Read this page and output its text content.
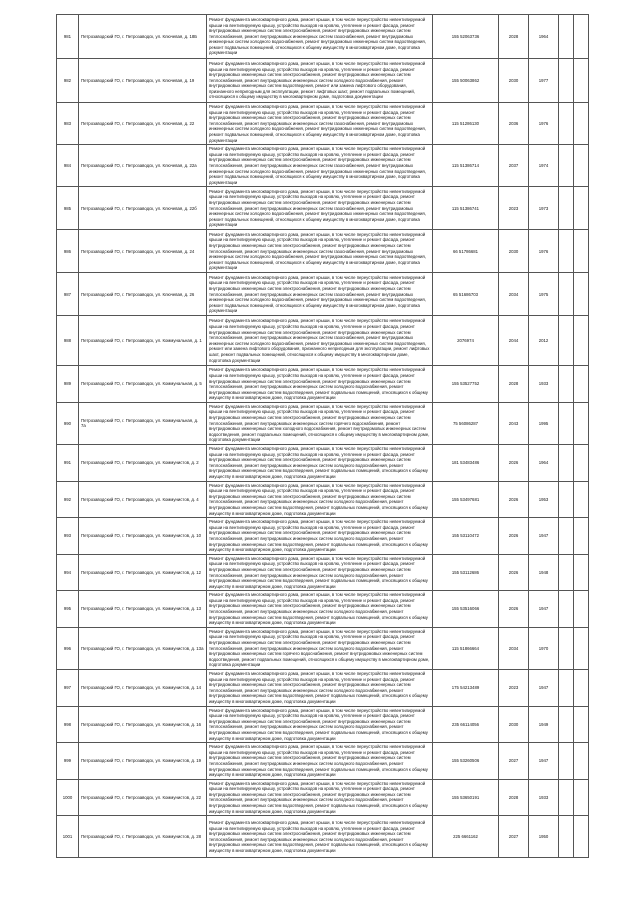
981	Петрозаводский ГО, г. Петрозаводск, ул. Ключевая, д. 18Б	Ремонт фундамента многоквартирного дома, ремонт крыши, в том числе переустройство невентилируемой крыши на вентилируемую крышу, устройство выходов на кровлю, утепление и ремонт фасада, ремонт внутридомовых инженерных систем электроснабжения, ремонт внутридомовых инженерных систем теплоснабжения, ремонт внутридомовых инженерных систем газоснабжения, ремонт внутридомовых инженерных систем холодного водоснабжения, ремонт внутридомовых инженерных систем водоотведения, ремонт подвальных помещений, относящихся к общему имуществу в многоквартирном доме, подготовка документации	155 52063736	2028	1964		
982	Петрозаводский ГО, г. Петрозаводск, ул. Ключевая, д. 19	Ремонт фундамента многоквартирного дома, ремонт крыши, в том числе переустройство невентилируемой крыши на вентилируемую крышу, устройство выходов на кровлю, утепление и ремонт фасада, ремонт внутридомовых инженерных систем электроснабжения, ремонт внутридомовых инженерных систем теплоснабжения, ремонт внутридомовых инженерных систем холодного водоснабжения, ремонт внутридомовых инженерных систем водоотведения, ремонт или замена лифтового оборудования, признанного непригодным для эксплуатации, ремонт лифтовых шахт, ремонт подвальных помещений, относящихся к общему имуществу в многоквартирном доме, подготовка документации	155 50063862	2030	1977		
983	Петрозаводский ГО, г. Петрозаводск, ул. Ключевая, д. 22	Ремонт фундамента многоквартирного дома, ремонт крыши, в том числе переустройство невентилируемой крыши на вентилируемую крышу, устройство выходов на кровлю, утепление и ремонт фасада, ремонт внутридомовых инженерных систем электроснабжения, ремонт внутридомовых инженерных систем теплоснабжения, ремонт внутридомовых инженерных систем газоснабжения, ремонт внутридомовых инженерных систем холодного водоснабжения, ремонт внутридомовых инженерных систем водоотведения, ремонт подвальных помещений, относящихся к общему имуществу в многоквартирном доме, подготовка документации	115 51286130	2036	1976		
984	Петрозаводский ГО, г. Петрозаводск, ул. Ключевая, д. 22а	Ремонт фундамента многоквартирного дома, ремонт крыши, в том числе переустройство невентилируемой крыши на вентилируемую крышу, устройство выходов на кровлю, утепление и ремонт фасада, ремонт внутридомовых инженерных систем электроснабжения, ремонт внутридомовых инженерных систем теплоснабжения, ремонт внутридомовых инженерных систем газоснабжения, ремонт внутридомовых инженерных систем холодного водоснабжения, ремонт внутридомовых инженерных систем водоотведения, ремонт подвальных помещений, относящихся к общему имуществу в многоквартирном доме, подготовка документации	115 51386714	2037	1974		
985	Петрозаводский ГО, г. Петрозаводск, ул. Ключевая, д. 22б	Ремонт фундамента многоквартирного дома, ремонт крыши, в том числе переустройство невентилируемой крыши на вентилируемую крышу, устройство выходов на кровлю, утепление и ремонт фасада, ремонт внутридомовых инженерных систем электроснабжения, ремонт внутридомовых инженерных систем теплоснабжения, ремонт внутридомовых инженерных систем газоснабжения, ремонт внутридомовых инженерных систем холодного водоснабжения, ремонт внутридомовых инженерных систем водоотведения, ремонт подвальных помещений, относящихся к общему имуществу в многоквартирном доме, подготовка документации	115 51386741	2023	1973		
986	Петрозаводский ГО, г. Петрозаводск, ул. Ключевая, д. 24	Ремонт фундамента многоквартирного дома, ремонт крыши, в том числе переустройство невентилируемой крыши на вентилируемую крышу, устройство выходов на кровлю, утепление и ремонт фасада, ремонт внутридомовых инженерных систем электроснабжения, ремонт внутридомовых инженерных систем теплоснабжения, ремонт внутридомовых инженерных систем газоснабжения, ремонт внутридомовых инженерных систем холодного водоснабжения, ремонт внутридомовых инженерных систем водоотведения, ремонт подвальных помещений, относящихся к общему имуществу в многоквартирном доме, подготовка документации	66 51786681	2030	1976		
987	Петрозаводский ГО, г. Петрозаводск, ул. Ключевая, д. 26	Ремонт фундамента многоквартирного дома, ремонт крыши, в том числе переустройство невентилируемой крыши на вентилируемую крышу, устройство выходов на кровлю, утепление и ремонт фасада, ремонт внутридомовых инженерных систем электроснабжения, ремонт внутридомовых инженерных систем теплоснабжения, ремонт внутридомовых инженерных систем газоснабжения, ремонт внутридомовых инженерных систем холодного водоснабжения, ремонт внутридомовых инженерных систем водоотведения, ремонт подвальных помещений, относящихся к общему имуществу в многоквартирном доме, подготовка документации	65 51686703	2034	1975		
988	Петрозаводский ГО, г. Петрозаводск, ул. Коммунальная, д. 1	Ремонт фундамента многоквартирного дома, ремонт крыши, в том числе переустройство невентилируемой крыши на вентилируемую крышу, устройство выходов на кровлю, утепление и ремонт фасада, ремонт внутридомовых инженерных систем электроснабжения, ремонт внутридомовых инженерных систем теплоснабжения, ремонт внутридомовых инженерных систем газоснабжения, ремонт внутридомовых инженерных систем холодного водоснабжения, ремонт внутридомовых инженерных систем водоотведения, ремонт или замена лифтового оборудования, признанного непригодным для эксплуатации, ремонт лифтовых шахт, ремонт подвальных помещений, относящихся к общему имуществу в многоквартирном доме, подготовка документации	2076974	2044	2012		
989	Петрозаводский ГО, г. Петрозаводск, ул. Коммунальная, д. 5	Ремонт фундамента многоквартирного дома, ремонт крыши, в том числе переустройство невентилируемой крыши на вентилируемую крышу, устройство выходов на кровлю, утепление и ремонт фасада, ремонт внутридомовых инженерных систем электроснабжения, ремонт внутридомовых инженерных систем теплоснабжения, ремонт внутридомовых инженерных систем холодного водоснабжения, ремонт внутридомовых инженерных систем водоотведения, ремонт подвальных помещений, относящихся к общему имуществу в многоквартирном доме, подготовка документации	155 53527752	2028	1933		
990	Петрозаводский ГО, г. Петрозаводск, ул. Коммунальная, д. 7а	Ремонт фундамента многоквартирного дома, ремонт крыши, в том числе переустройство невентилируемой крыши на вентилируемую крышу, устройство выходов на кровлю, утепление и ремонт фасада, ремонт внутридомовых инженерных систем электроснабжения, ремонт внутридомовых инженерных систем теплоснабжения, ремонт внутридомовых инженерных систем горячего водоснабжения, ремонт внутридомовых инженерных систем холодного водоснабжения, ремонт внутридомовых инженерных систем водоотведения, ремонт подвальных помещений, относящихся к общему имуществу в многоквартирном доме, подготовка документации	75 56086287	2043	1995		
991	Петрозаводский ГО, г. Петрозаводск, ул. Коммунистов, д. 2	Ремонт фундамента многоквартирного дома, ремонт крыши, в том числе переустройство невентилируемой крыши на вентилируемую крышу, устройство выходов на кровлю, утепление и ремонт фасада, ремонт внутридомовых инженерных систем электроснабжения, ремонт внутридомовых инженерных систем теплоснабжения, ремонт внутридомовых инженерных систем холодного водоснабжения, ремонт внутридомовых инженерных систем водоотведения, ремонт подвальных помещений, относящихся к общему имуществу в многоквартирном доме, подготовка документации	181 53483486	2026	1964		
992	Петрозаводский ГО, г. Петрозаводск, ул. Коммунистов, д. 4	Ремонт фундамента многоквартирного дома, ремонт крыши, в том числе переустройство невентилируемой крыши на вентилируемую крышу, устройство выходов на кровлю, утепление и ремонт фасада, ремонт внутридомовых инженерных систем электроснабжения, ремонт внутридомовых инженерных систем теплоснабжения, ремонт внутридомовых инженерных систем холодного водоснабжения, ремонт внутридомовых инженерных систем водоотведения, ремонт подвальных помещений, относящихся к общему имуществу в многоквартирном доме, подготовка документации	155 53497681	2026	1953		
993	Петрозаводский ГО, г. Петрозаводск, ул. Коммунистов, д. 10	Ремонт фундамента многоквартирного дома, ремонт крыши, в том числе переустройство невентилируемой крыши на вентилируемую крышу, устройство выходов на кровлю, утепление и ремонт фасада, ремонт внутридомовых инженерных систем электроснабжения, ремонт внутридомовых инженерных систем теплоснабжения, ремонт внутридомовых инженерных систем холодного водоснабжения, ремонт внутридомовых инженерных систем водоотведения, ремонт подвальных помещений, относящихся к общему имуществу в многоквартирном доме, подготовка документации	155 53110472	2026	1947		
994	Петрозаводский ГО, г. Петрозаводск, ул. Коммунистов, д. 12	Ремонт фундамента многоквартирного дома, ремонт крыши, в том числе переустройство невентилируемой крыши на вентилируемую крышу, устройство выходов на кровлю, утепление и ремонт фасада, ремонт внутридомовых инженерных систем электроснабжения, ремонт внутридомовых инженерных систем теплоснабжения, ремонт внутридомовых инженерных систем холодного водоснабжения, ремонт внутридомовых инженерных систем водоотведения, ремонт подвальных помещений, относящихся к общему имуществу в многоквартирном доме, подготовка документации	155 53112686	2026	1948		
995	Петрозаводский ГО, г. Петрозаводск, ул. Коммунистов, д. 13	Ремонт фундамента многоквартирного дома, ремонт крыши, в том числе переустройство невентилируемой крыши на вентилируемую крышу, устройство выходов на кровлю, утепление и ремонт фасада, ремонт внутридомовых инженерных систем электроснабжения, ремонт внутридомовых инженерных систем теплоснабжения, ремонт внутридомовых инженерных систем холодного водоснабжения, ремонт внутридомовых инженерных систем водоотведения, ремонт подвальных помещений, относящихся к общему имуществу в многоквартирном доме, подготовка документации	155 53516066	2026	1947		
996	Петрозаводский ГО, г. Петрозаводск, ул. Коммунистов, д. 13а	Ремонт фундамента многоквартирного дома, ремонт крыши, в том числе переустройство невентилируемой крыши на вентилируемую крышу, устройство выходов на кровлю, утепление и ремонт фасада, ремонт внутридомовых инженерных систем электроснабжения, ремонт внутридомовых инженерных систем теплоснабжения, ремонт внутридомовых инженерных систем холодного водоснабжения, ремонт внутридомовых инженерных систем горячего водоснабжения, ремонт внутридомовых инженерных систем водоотведения, ремонт подвальных помещений, относящихся к общему имуществу в многоквартирном доме, подготовка документации	115 51866664	2034	1970		
997	Петрозаводский ГО, г. Петрозаводск, ул. Коммунистов, д. 14	Ремонт фундамента многоквартирного дома, ремонт крыши, в том числе переустройство невентилируемой крыши на вентилируемую крышу, устройство выходов на кровлю, утепление и ремонт фасада, ремонт внутридомовых инженерных систем электроснабжения, ремонт внутридомовых инженерных систем теплоснабжения, ремонт внутридомовых инженерных систем холодного водоснабжения, ремонт внутридомовых инженерных систем водоотведения, ремонт подвальных помещений, относящихся к общему имуществу в многоквартирном доме, подготовка документации	175 54213489	2023	1947		
998	Петрозаводский ГО, г. Петрозаводск, ул. Коммунистов, д. 16	Ремонт фундамента многоквартирного дома, ремонт крыши, в том числе переустройство невентилируемой крыши на вентилируемую крышу, устройство выходов на кровлю, утепление и ремонт фасада, ремонт внутридомовых инженерных систем электроснабжения, ремонт внутридомовых инженерных систем теплоснабжения, ремонт внутридомовых инженерных систем холодного водоснабжения, ремонт внутридомовых инженерных систем водоотведения, ремонт подвальных помещений, относящихся к общему имуществу в многоквартирном доме, подготовка документации	235 66114056	2030	1949		
999	Петрозаводский ГО, г. Петрозаводск, ул. Коммунистов, д. 19	Ремонт фундамента многоквартирного дома, ремонт крыши, в том числе переустройство невентилируемой крыши на вентилируемую крышу, устройство выходов на кровлю, утепление и ремонт фасада, ремонт внутридомовых инженерных систем электроснабжения, ремонт внутридомовых инженерных систем теплоснабжения, ремонт внутридомовых инженерных систем холодного водоснабжения, ремонт внутридомовых инженерных систем водоотведения, ремонт подвальных помещений, относящихся к общему имуществу в многоквартирном доме, подготовка документации	155 53260506	2027	1947		
1000	Петрозаводский ГО, г. Петрозаводск, ул. Коммунистов, д. 22	Ремонт фундамента многоквартирного дома, ремонт крыши, в том числе переустройство невентилируемой крыши на вентилируемую крышу, устройство выходов на кровлю, утепление и ремонт фасада, ремонт внутридомовых инженерных систем электроснабжения, ремонт внутридомовых инженерных систем теплоснабжения, ремонт внутридомовых инженерных систем холодного водоснабжения, ремонт внутридомовых инженерных систем водоотведения, ремонт подвальных помещений, относящихся к общему имуществу в многоквартирном доме, подготовка документации	155 53650191	2028	1933		
1001	Петрозаводский ГО, г. Петрозаводск, ул. Коммунистов, д. 28	Ремонт фундамента многоквартирного дома, ремонт крыши, в том числе переустройство невентилируемой крыши на вентилируемую крышу, устройство выходов на кровлю, утепление и ремонт фасада, ремонт внутридомовых инженерных систем электроснабжения, ремонт внутридомовых инженерных систем теплоснабжения, ремонт внутридомовых инженерных систем холодного водоснабжения, ремонт внутридомовых инженерных систем водоотведения, ремонт подвальных помещений, относящихся к общему имуществу в многоквартирном доме, подготовка документации	225 6661162	2027	1950		
